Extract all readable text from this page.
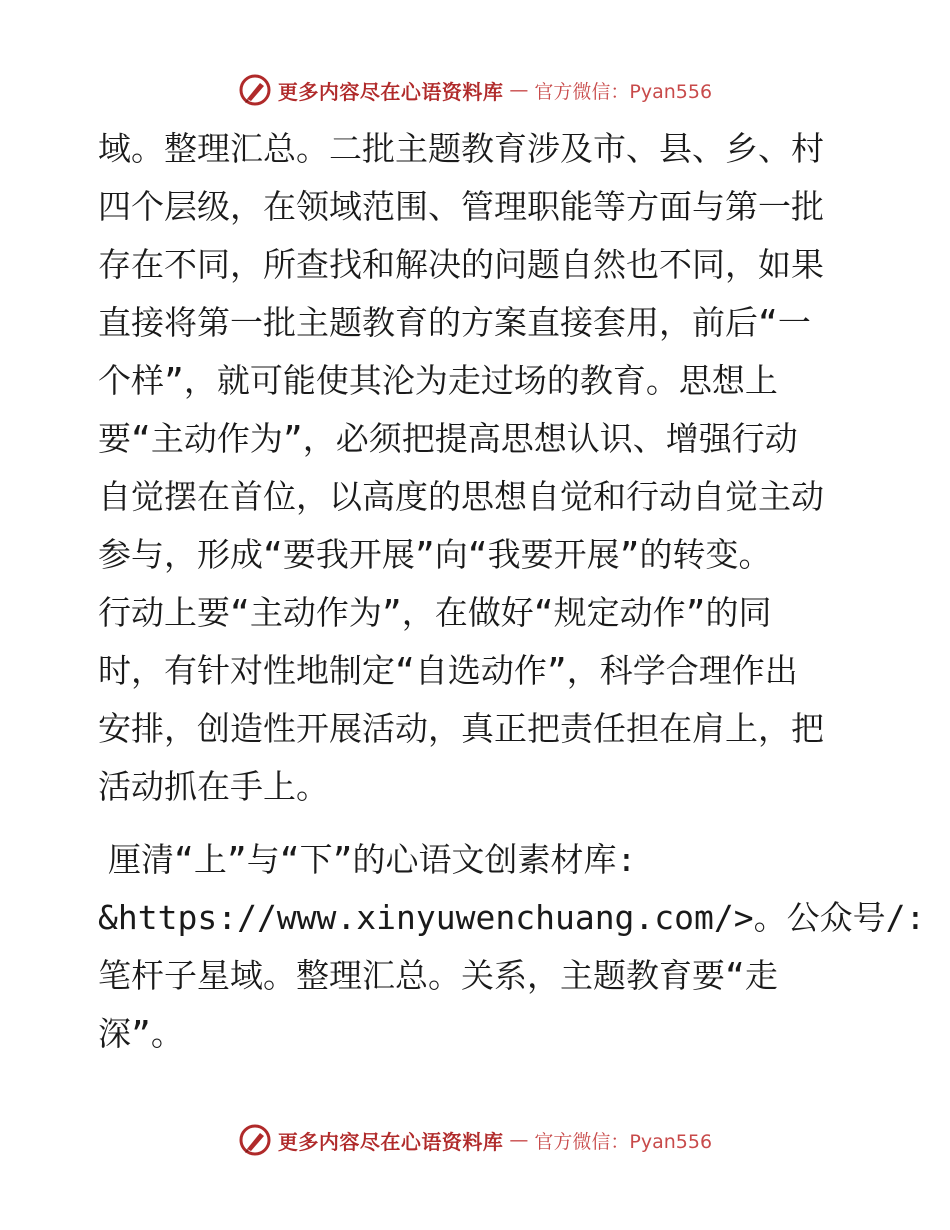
更多内容尽在心语资料库 — 官方微信：Pyan556

域。整理汇总。二批主题教育涉及市、县、乡、村
四个层级，在领域范围、管理职能等方面与第一批
存在不同，所查找和解决的问题自然也不同，如果
直接将第一批主题教育的方案直接套用，前后“一
个样”，就可能使其沦为走过场的教育。思想上
要“主动作为”，必须把提高思想认识、增强行动
自觉摆在首位，以高度的思想自觉和行动自觉主动
参与，形成“要我开展”向“我要开展”的转变。
行动上要“主动作为”，在做好“规定动作”的同
时，有针对性地制定“自选动作”，科学合理作出
安排，创造性开展活动，真正把责任担在肩上，把
活动抓在手上。

厘清“上”与“下”的心语文创素材库:
&https://www.xinyuwenchuang.com/>。公众号/:
笔杆子星域。整理汇总。关系，主题教育要“走
深”。

更多内容尽在心语资料库 — 官方微信：Pyan556
